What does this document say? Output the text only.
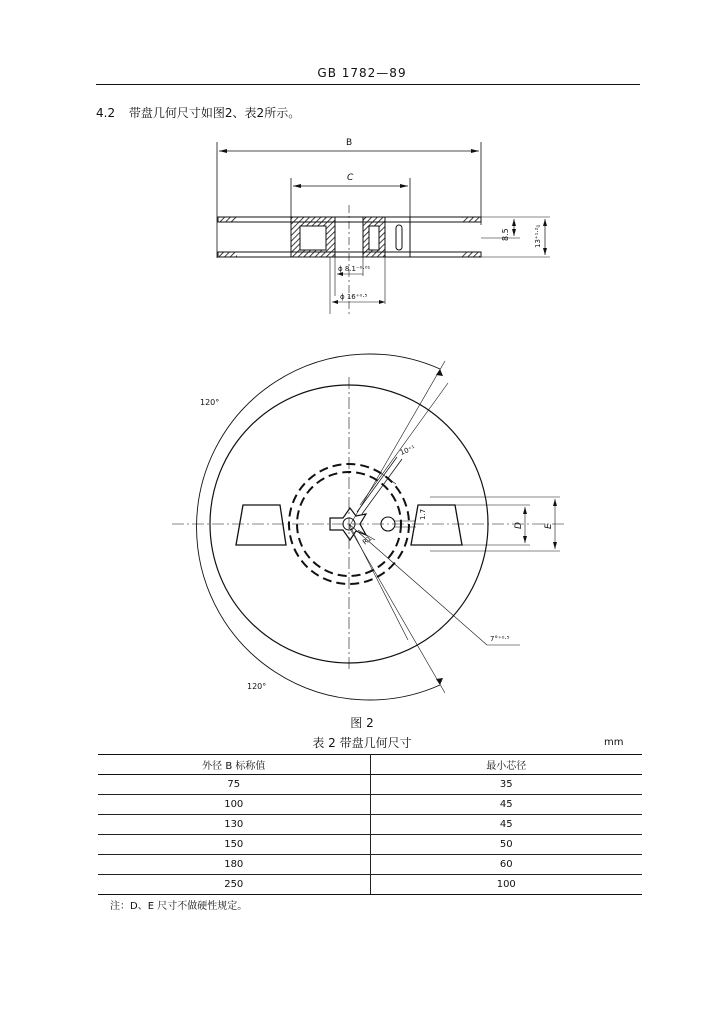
GB 1782—89
4.2 带盘几何尺寸如图2、表2所示。
B
C
8.5	13⁺¹·²₀
ϕ 8.1⁻⁰·⁰¹
ϕ 16⁺⁰·⁵
120°
120°
10⁺¹
R1
1.7
D E
7°⁺⁰·⁵
图 2
表 2 带盘几何尺寸	mm
外径 B 标称值	最小芯径
75	35
100	45
130	45
150	50
180	60
250	100
注：D、E 尺寸不做硬性规定。
